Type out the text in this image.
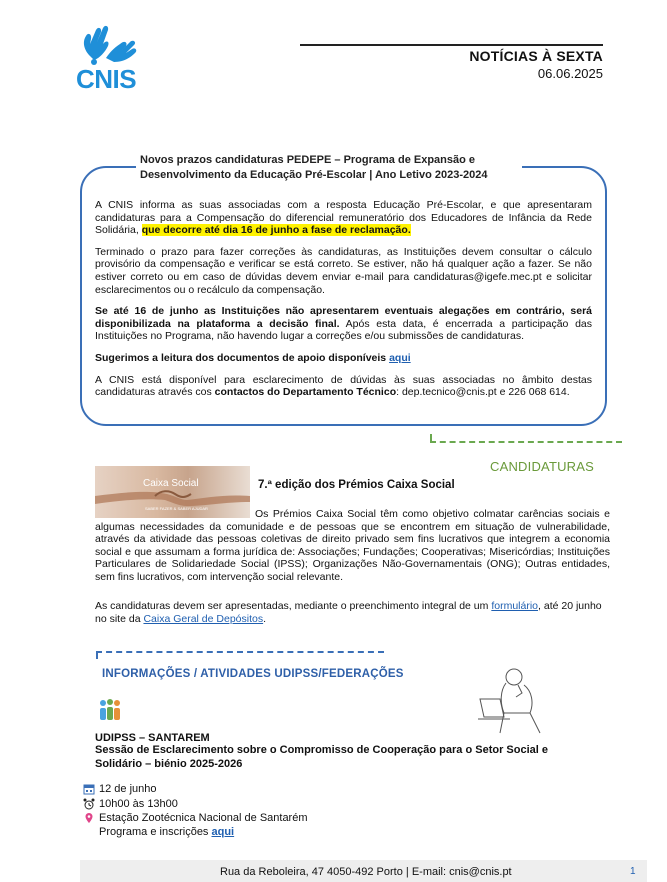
CNIS
NOTÍCIAS À SEXTA
06.06.2025
Novos prazos candidaturas PEDEPE – Programa de Expansão e Desenvolvimento da Educação Pré-Escolar | Ano Letivo 2023-2024

A CNIS informa as suas associadas com a resposta Educação Pré-Escolar, e que apresentaram candidaturas para a Compensação do diferencial remuneratório dos Educadores de Infância da Rede Solidária, que decorre até dia 16 de junho a fase de reclamação.

Terminado o prazo para fazer correções às candidaturas, as Instituições devem consultar o cálculo provisório da compensação e verificar se está correto. Se estiver, não há qualquer ação a fazer. Se não estiver correto ou em caso de dúvidas devem enviar e-mail para candidaturas@igefe.mec.pt e solicitar esclarecimentos ou o recálculo da compensação.

Se até 16 de junho as Instituições não apresentarem eventuais alegações em contrário, será disponibilizada na plataforma a decisão final. Após esta data, é encerrada a participação das Instituições no Programa, não havendo lugar a correções e/ou submissões de candidaturas.

Sugerimos a leitura dos documentos de apoio disponíveis aqui

A CNIS está disponível para esclarecimento de dúvidas às suas associadas no âmbito destas candidaturas através cos contactos do Departamento Técnico: dep.tecnico@cnis.pt e 226 068 614.

CANDIDATURAS
Caixa Social
SABER FAZER & SABER AJUDAR
7.ª edição dos Prémios Caixa Social
Os Prémios Caixa Social têm como objetivo colmatar carências sociais e algumas necessidades da comunidade e de pessoas que se encontrem em situação de vulnerabilidade, através da atividade das pessoas coletivas de direito privado sem fins lucrativos que integrem a economia social e que assumam a forma jurídica de: Associações; Fundações; Cooperativas; Misericórdias; Instituições Particulares de Solidariedade Social (IPSS); Organizações Não-Governamentais (ONG); Outras entidades, sem fins lucrativos, com intervenção social relevante.
As candidaturas devem ser apresentadas, mediante o preenchimento integral de um formulário, até 20 junho no site da Caixa Geral de Depósitos.
INFORMAÇÕES / ATIVIDADES UDIPSS/FEDERAÇÕES
UDIPSS – SANTAREM
Sessão de Esclarecimento sobre o Compromisso de Cooperação para o Setor Social e Solidário – biénio 2025-2026
12 de junho
10h00 às 13h00
Estação Zootécnica Nacional de Santarém
Programa e inscrições aqui
Rua da Reboleira, 47 4050-492 Porto | E-mail: cnis@cnis.pt	1
